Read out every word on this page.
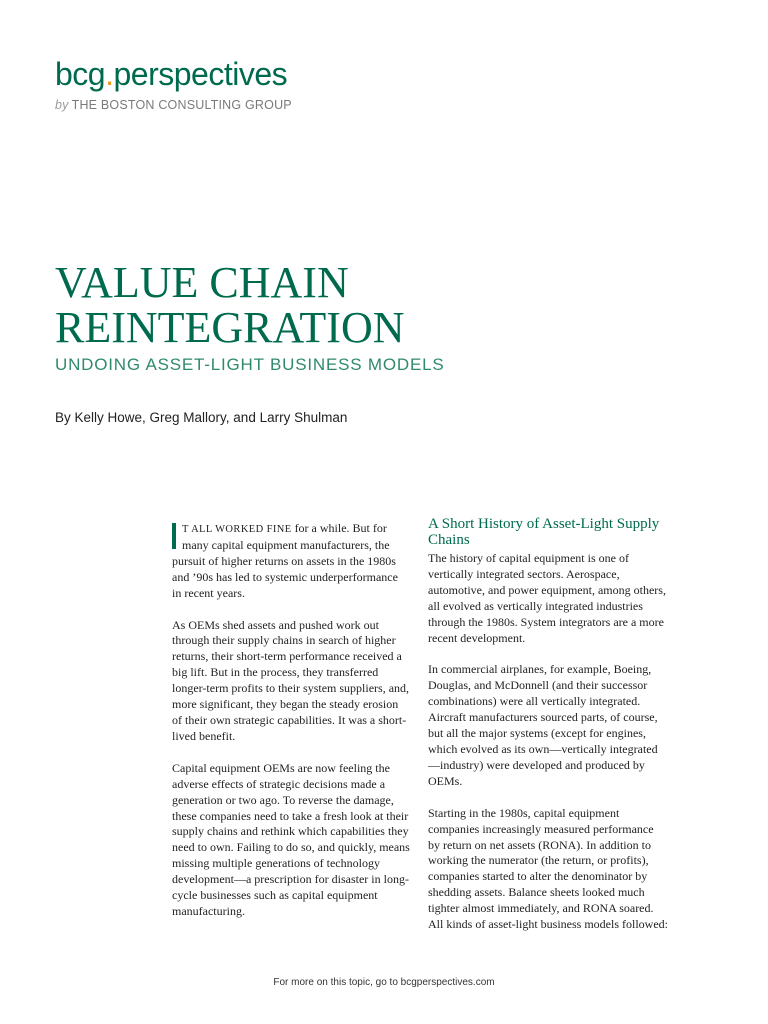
bcg.perspectives
by THE BOSTON CONSULTING GROUP
VALUE CHAIN
REINTEGRATION
UNDOING ASSET-LIGHT BUSINESS MODELS
By Kelly Howe, Greg Mallory, and Larry Shulman

T ALL WORKED FINE for a while. But for many capital equipment manufacturers, the pursuit of higher returns on assets in the 1980s and ’90s has led to systemic underperformance in recent years.

As OEMs shed assets and pushed work out through their supply chains in search of higher returns, their short-term performance received a big lift. But in the process, they transferred longer-term profits to their system suppliers, and, more significant, they began the steady erosion of their own strategic capabilities. It was a short-lived benefit.

Capital equipment OEMs are now feeling the adverse effects of strategic decisions made a generation or two ago. To reverse the damage, these companies need to take a fresh look at their supply chains and rethink which capabilities they need to own. Failing to do so, and quickly, means missing multiple generations of technology development—a prescription for disaster in long-cycle businesses such as capital equipment manufacturing.

A Short History of Asset-Light Supply Chains

The history of capital equipment is one of vertically integrated sectors. Aerospace, automotive, and power equipment, among others, all evolved as vertically integrated industries through the 1980s. System integrators are a more recent development.

In commercial airplanes, for example, Boeing, Douglas, and McDonnell (and their successor combinations) were all vertically integrated. Aircraft manufacturers sourced parts, of course, but all the major systems (except for engines, which evolved as its own—vertically integrated—industry) were developed and produced by OEMs.

Starting in the 1980s, capital equipment companies increasingly measured performance by return on net assets (RONA). In addition to working the numerator (the return, or profits), companies started to alter the denominator by shedding assets. Balance sheets looked much tighter almost immediately, and RONA soared. All kinds of asset-light business models followed:

For more on this topic, go to bcgperspectives.com
